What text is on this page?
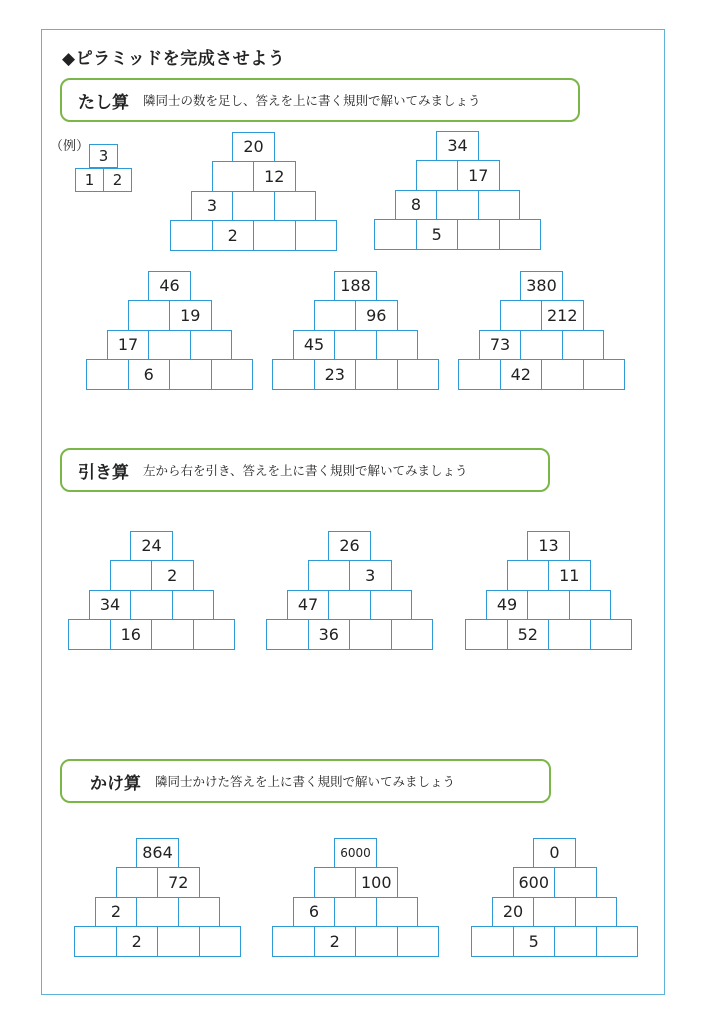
◆ピラミッドを完成させよう
たし算 隣同士の数を足し、答えを上に書く規則で解いてみましょう
引き算 左から右を引き、答えを上に書く規則で解いてみましょう
かけ算 隣同士かけた答えを上に書く規則で解いてみましょう
（例）
3
1	2
20
12
3
2
34
17
8
5
46
19
17
6
188
96
45
23
380
212
73
42
24
2
34
16
26
3
47
36
13
11
49
52
864
72
2
2
6000
100
6
2
0
600
20
5
